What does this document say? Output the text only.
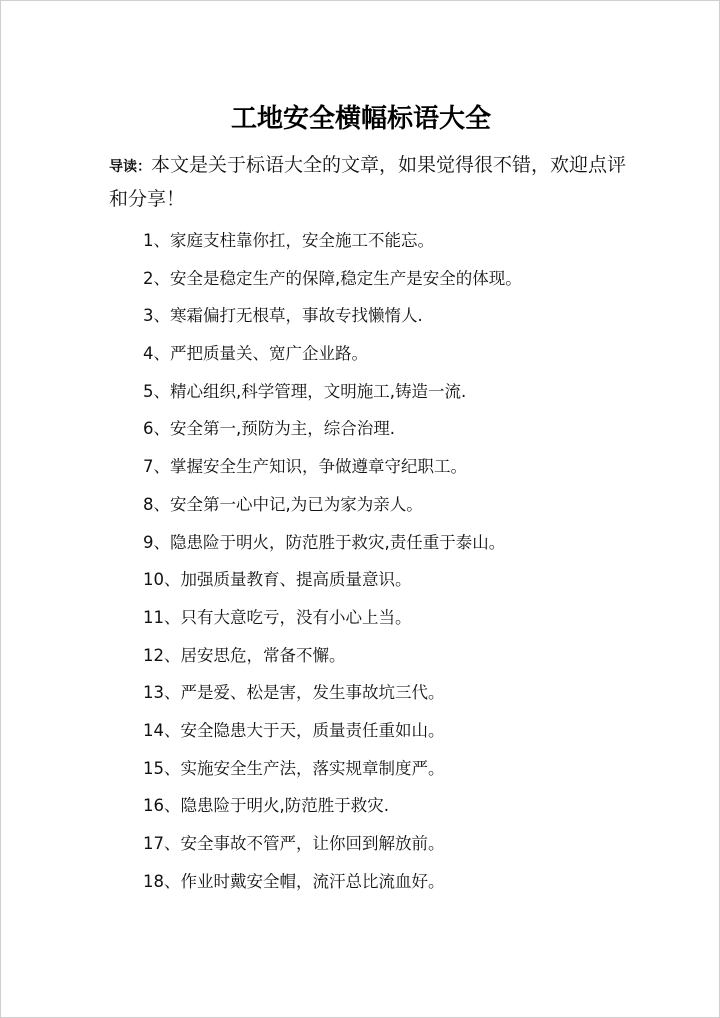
工地安全横幅标语大全
导读：本文是关于标语大全的文章，如果觉得很不错，欢迎点评和分享！
1、家庭支柱靠你扛，安全施工不能忘。
2、安全是稳定生产的保障,稳定生产是安全的体现。
3、寒霜偏打无根草，事故专找懒惰人.
4、严把质量关、宽广企业路。
5、精心组织,科学管理，文明施工,铸造一流.
6、安全第一,预防为主，综合治理.
7、掌握安全生产知识，争做遵章守纪职工。
8、安全第一心中记,为已为家为亲人。
9、隐患险于明火，防范胜于救灾,责任重于泰山。
10、加强质量教育、提高质量意识。
11、只有大意吃亏，没有小心上当。
12、居安思危，常备不懈。
13、严是爱、松是害，发生事故坑三代。
14、安全隐患大于天，质量责任重如山。
15、实施安全生产法，落实规章制度严。
16、隐患险于明火,防范胜于救灾.
17、安全事故不管严，让你回到解放前。
18、作业时戴安全帽，流汗总比流血好。
